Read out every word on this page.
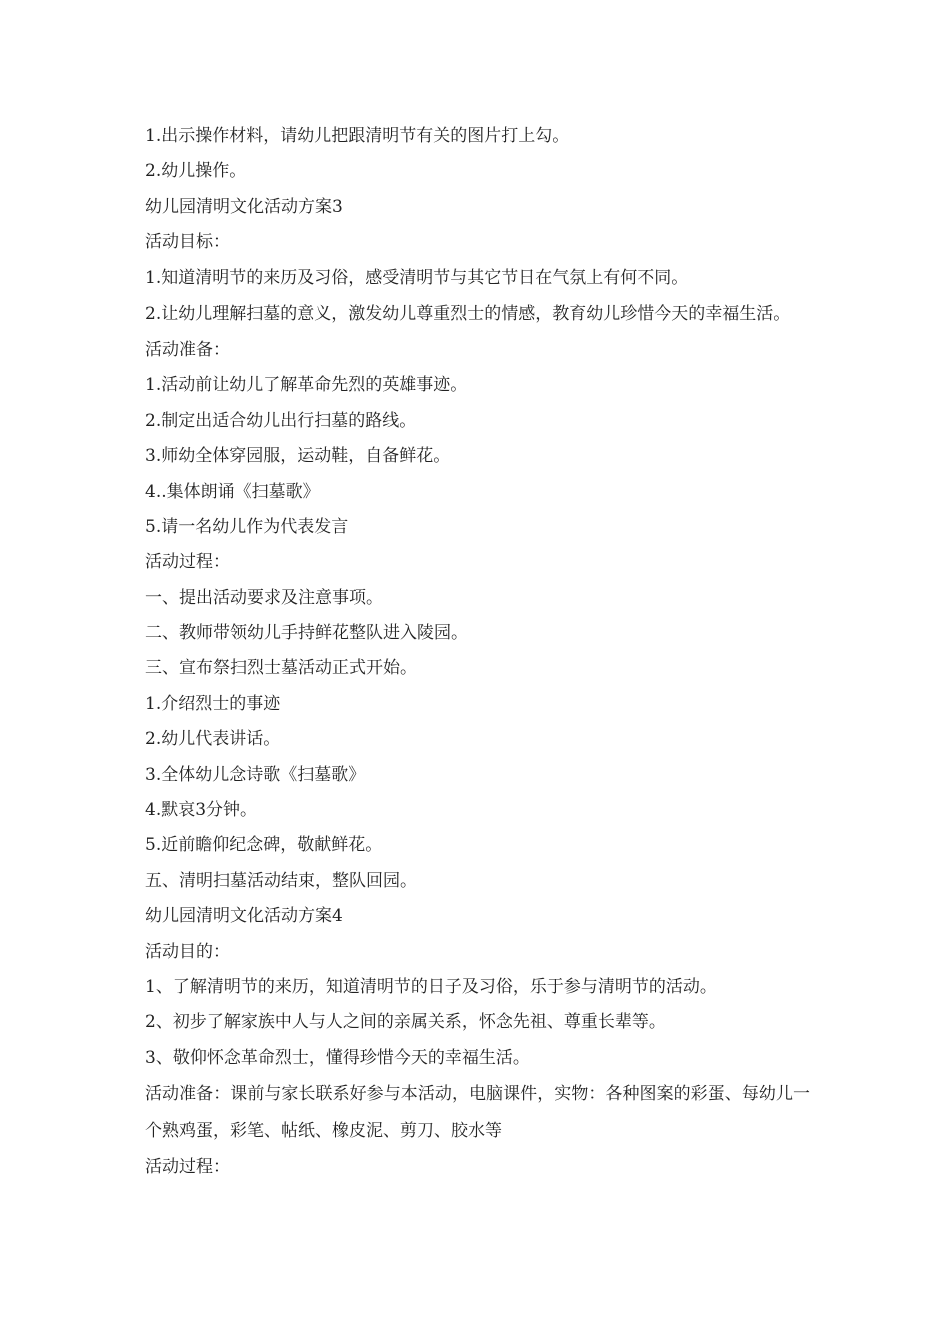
1.出示操作材料，请幼儿把跟清明节有关的图片打上勾。
2.幼儿操作。
幼儿园清明文化活动方案3
活动目标：
1.知道清明节的来历及习俗，感受清明节与其它节日在气氛上有何不同。
2.让幼儿理解扫墓的意义，激发幼儿尊重烈士的情感，教育幼儿珍惜今天的幸福生活。
活动准备：
1.活动前让幼儿了解革命先烈的英雄事迹。
2.制定出适合幼儿出行扫墓的路线。
3.师幼全体穿园服，运动鞋，自备鲜花。
4..集体朗诵《扫墓歌》
5.请一名幼儿作为代表发言
活动过程：
一、提出活动要求及注意事项。
二、教师带领幼儿手持鲜花整队进入陵园。
三、宣布祭扫烈士墓活动正式开始。
1.介绍烈士的事迹
2.幼儿代表讲话。
3.全体幼儿念诗歌《扫墓歌》
4.默哀3分钟。
5.近前瞻仰纪念碑，敬献鲜花。
五、清明扫墓活动结束，整队回园。
幼儿园清明文化活动方案4
活动目的：
1、了解清明节的来历，知道清明节的日子及习俗，乐于参与清明节的活动。
2、初步了解家族中人与人之间的亲属关系，怀念先祖、尊重长辈等。
3、敬仰怀念革命烈士，懂得珍惜今天的幸福生活。
活动准备：课前与家长联系好参与本活动，电脑课件，实物：各种图案的彩蛋、每幼儿一个熟鸡蛋，彩笔、帖纸、橡皮泥、剪刀、胶水等
活动过程：
